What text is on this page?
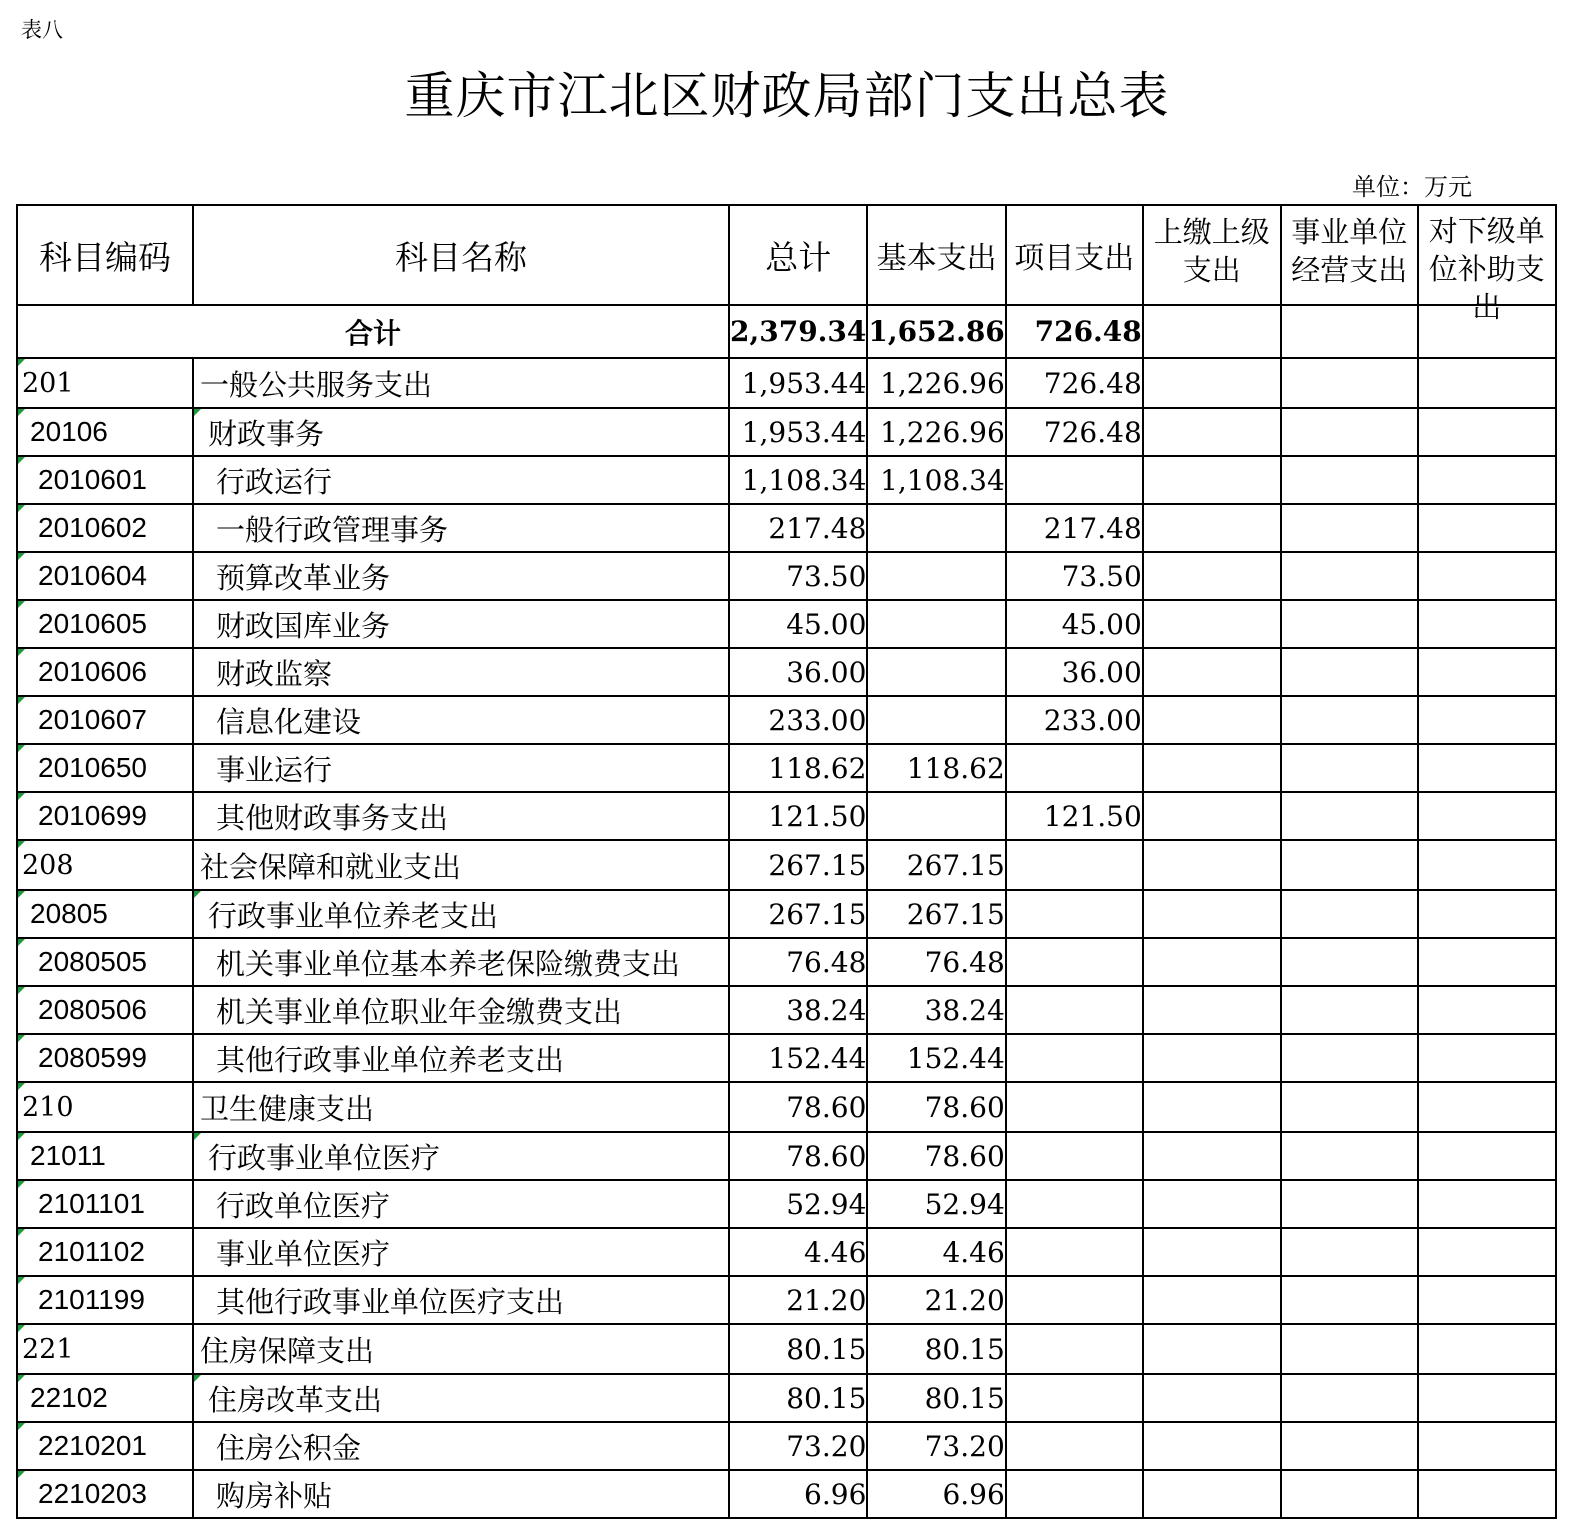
表八
重庆市江北区财政局部门支出总表
单位：万元
科目编码	科目名称	总计	基本支出	项目支出	上缴上级支出	事业单位经营支出	对下级单位补助支出

合计		2,379.34	1,652.86	726.48			

201	一般公共服务支出	1,953.44	1,226.96	726.48			

20106	财政事务	1,953.44	1,226.96	726.48			

2010601	行政运行	1,108.34	1,108.34				

2010602	一般行政管理事务	217.48		217.48			

2010604	预算改革业务	73.50		73.50			

2010605	财政国库业务	45.00		45.00			

2010606	财政监察	36.00		36.00			

2010607	信息化建设	233.00		233.00			

2010650	事业运行	118.62	118.62				

2010699	其他财政事务支出	121.50		121.50			

208	社会保障和就业支出	267.15	267.15				

20805	行政事业单位养老支出	267.15	267.15				

2080505	机关事业单位基本养老保险缴费支出	76.48	76.48				

2080506	机关事业单位职业年金缴费支出	38.24	38.24				

2080599	其他行政事业单位养老支出	152.44	152.44				

210	卫生健康支出	78.60	78.60				

21011	行政事业单位医疗	78.60	78.60				

2101101	行政单位医疗	52.94	52.94				

2101102	事业单位医疗	4.46	4.46				

2101199	其他行政事业单位医疗支出	21.20	21.20				

221	住房保障支出	80.15	80.15				

22102	住房改革支出	80.15	80.15				

2210201	住房公积金	73.20	73.20				

2210203	购房补贴	6.96	6.96				
